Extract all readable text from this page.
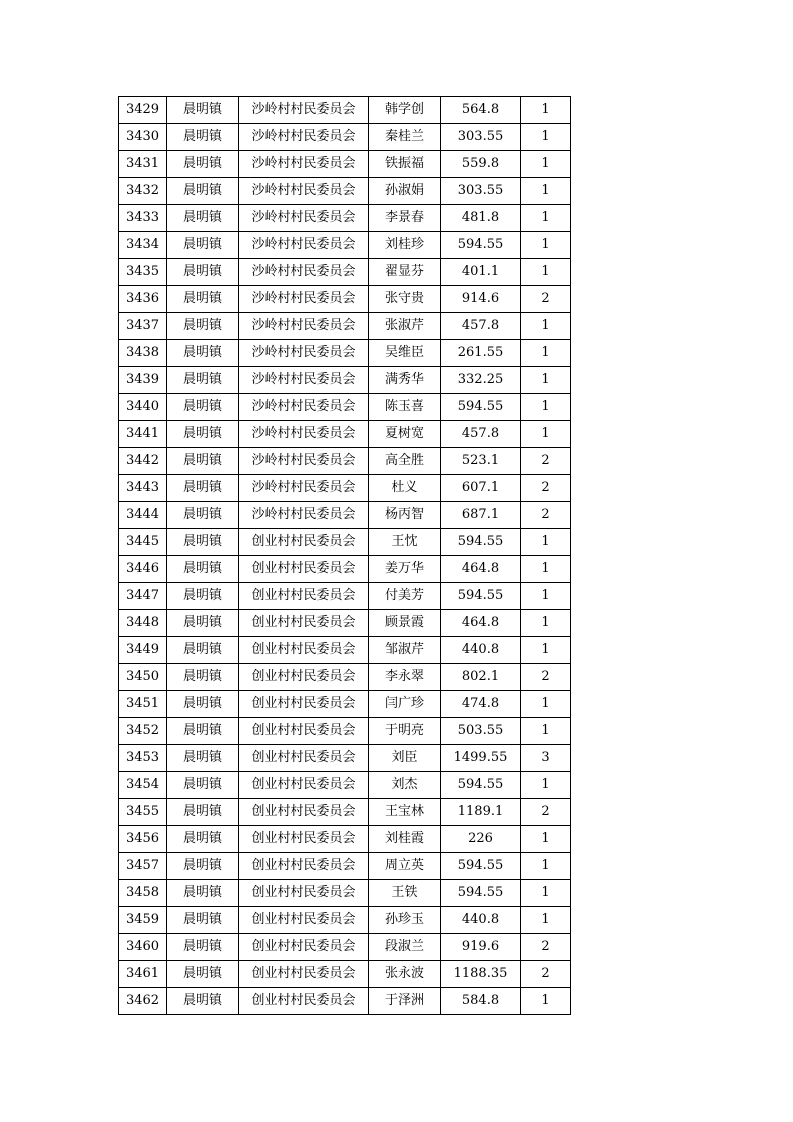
3429	晨明镇	沙岭村村民委员会	韩学创	564.8	1
3430	晨明镇	沙岭村村民委员会	秦桂兰	303.55	1
3431	晨明镇	沙岭村村民委员会	铁振福	559.8	1
3432	晨明镇	沙岭村村民委员会	孙淑娟	303.55	1
3433	晨明镇	沙岭村村民委员会	李景春	481.8	1
3434	晨明镇	沙岭村村民委员会	刘桂珍	594.55	1
3435	晨明镇	沙岭村村民委员会	翟显芬	401.1	1
3436	晨明镇	沙岭村村民委员会	张守贵	914.6	2
3437	晨明镇	沙岭村村民委员会	张淑芹	457.8	1
3438	晨明镇	沙岭村村民委员会	吴维臣	261.55	1
3439	晨明镇	沙岭村村民委员会	满秀华	332.25	1
3440	晨明镇	沙岭村村民委员会	陈玉喜	594.55	1
3441	晨明镇	沙岭村村民委员会	夏树宽	457.8	1
3442	晨明镇	沙岭村村民委员会	高全胜	523.1	2
3443	晨明镇	沙岭村村民委员会	杜义	607.1	2
3444	晨明镇	沙岭村村民委员会	杨丙智	687.1	2
3445	晨明镇	创业村村民委员会	王忱	594.55	1
3446	晨明镇	创业村村民委员会	姜万华	464.8	1
3447	晨明镇	创业村村民委员会	付美芳	594.55	1
3448	晨明镇	创业村村民委员会	顾景霞	464.8	1
3449	晨明镇	创业村村民委员会	邹淑芹	440.8	1
3450	晨明镇	创业村村民委员会	李永翠	802.1	2
3451	晨明镇	创业村村民委员会	闫广珍	474.8	1
3452	晨明镇	创业村村民委员会	于明亮	503.55	1
3453	晨明镇	创业村村民委员会	刘臣	1499.55	3
3454	晨明镇	创业村村民委员会	刘杰	594.55	1
3455	晨明镇	创业村村民委员会	王宝林	1189.1	2
3456	晨明镇	创业村村民委员会	刘桂霞	226	1
3457	晨明镇	创业村村民委员会	周立英	594.55	1
3458	晨明镇	创业村村民委员会	王铁	594.55	1
3459	晨明镇	创业村村民委员会	孙珍玉	440.8	1
3460	晨明镇	创业村村民委员会	段淑兰	919.6	2
3461	晨明镇	创业村村民委员会	张永波	1188.35	2
3462	晨明镇	创业村村民委员会	于泽洲	584.8	1
